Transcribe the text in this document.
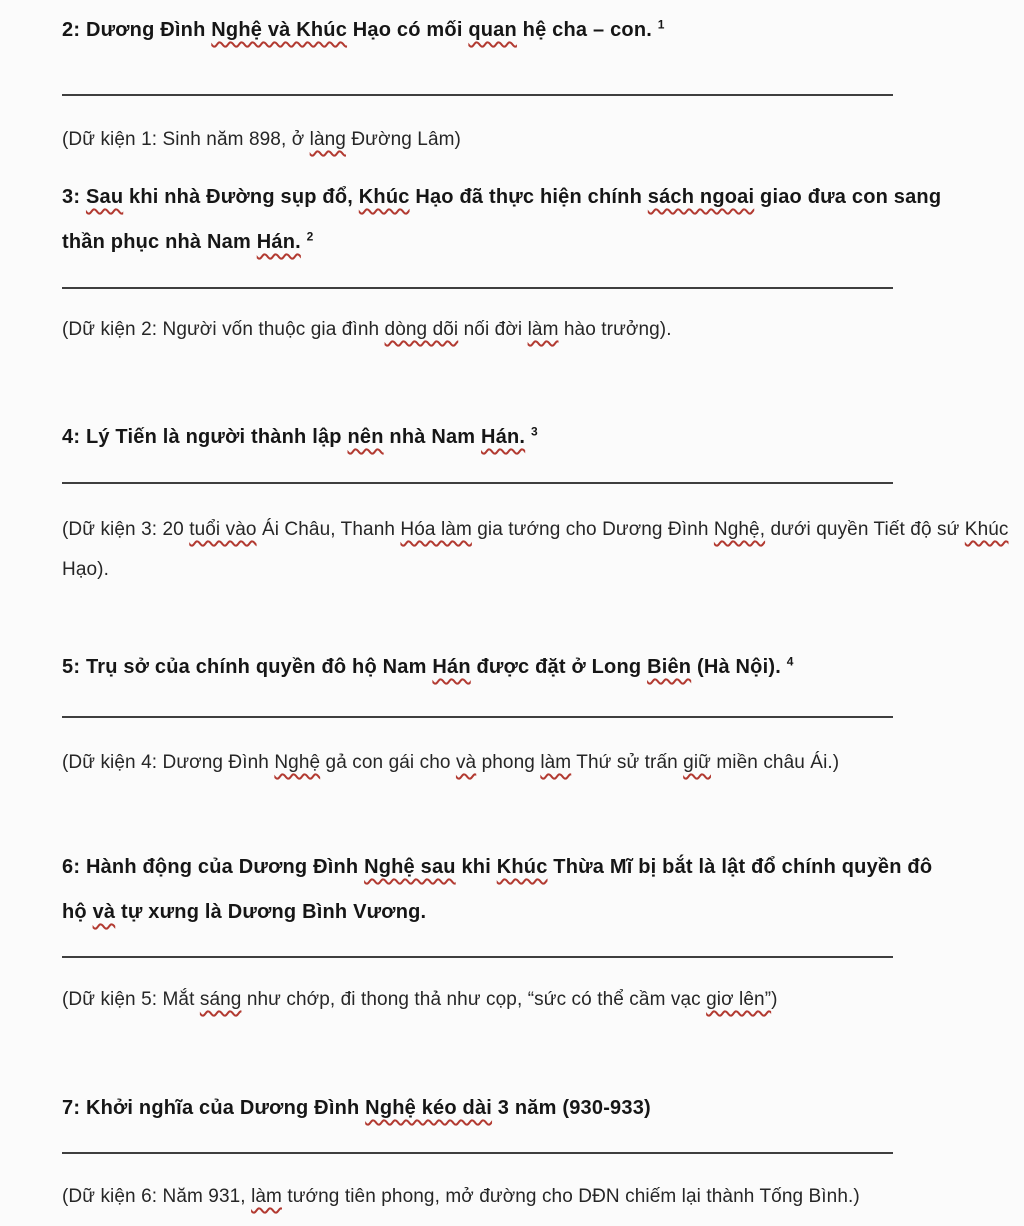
2: Dương Đình Nghệ và Khúc Hạo có mối quan hệ cha – con. $^1$

(Dữ kiện 1: Sinh năm 898, ở làng Đường Lâm)

3: Sau khi nhà Đường sụp đổ, Khúc Hạo đã thực hiện chính sách ngoai giao đưa con sang
thần phục nhà Nam Hán. $^2$

(Dữ kiện 2: Người vốn thuộc gia đình dòng dõi nối đời làm hào trưởng).

4: Lý Tiến là người thành lập nên nhà Nam Hán. $^3$

(Dữ kiện 3: 20 tuổi vào Ái Châu, Thanh Hóa làm gia tướng cho Dương Đình Nghệ, dưới quyền Tiết độ sứ Khúc
Hạo).

5: Trụ sở của chính quyền đô hộ Nam Hán được đặt ở Long Biên (Hà Nội). $^4$

(Dữ kiện 4: Dương Đình Nghệ gả con gái cho và phong làm Thứ sử trấn giữ miền châu Ái.)

6: Hành động của Dương Đình Nghệ sau khi Khúc Thừa Mĩ bị bắt là lật đổ chính quyền đô
hộ và tự xưng là Dương Bình Vương.

(Dữ kiện 5: Mắt sáng như chớp, đi thong thả như cọp, “sức có thể cầm vạc giơ lên”)

7: Khởi nghĩa của Dương Đình Nghệ kéo dài 3 năm (930-933)

(Dữ kiện 6: Năm 931, làm tướng tiên phong, mở đường cho DĐN chiếm lại thành Tống Bình.)
